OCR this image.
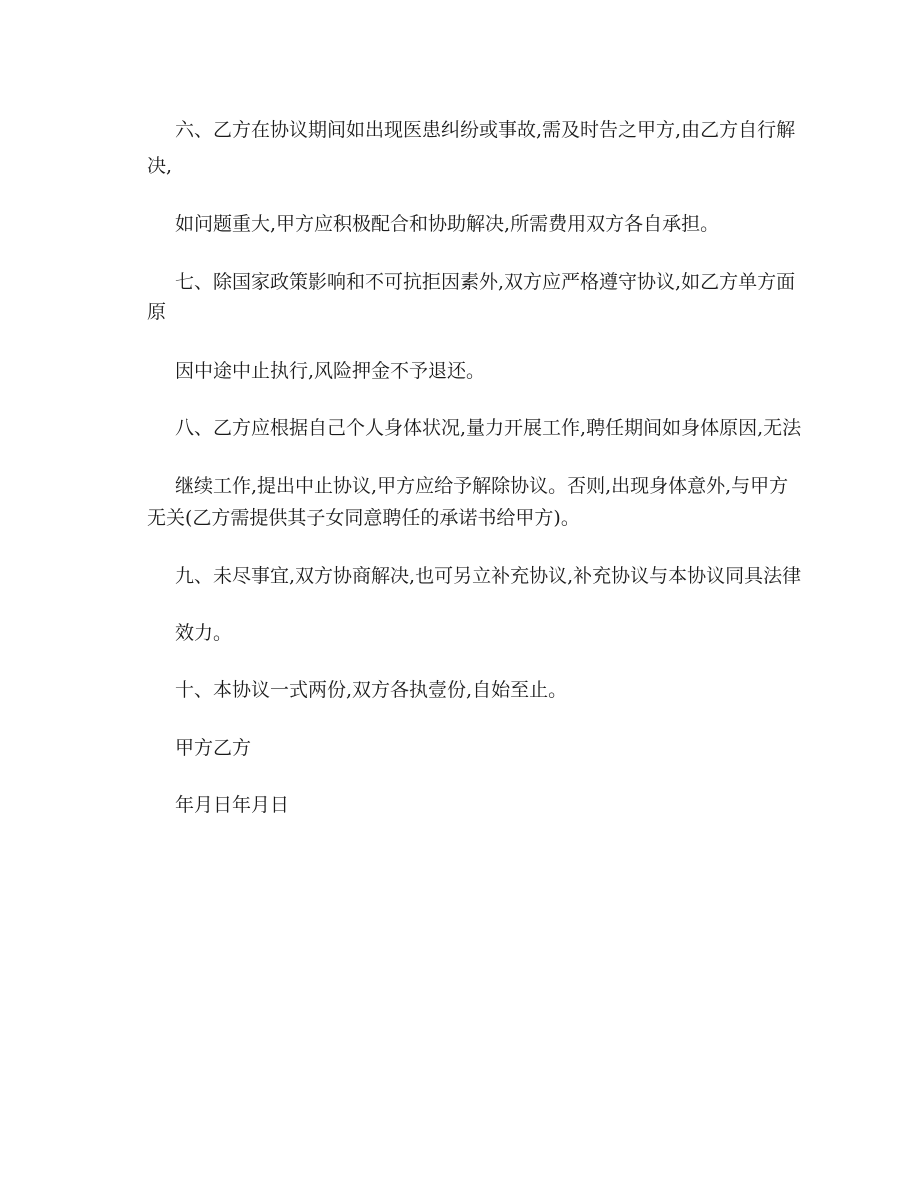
六、乙方在协议期间如出现医患纠纷或事故,需及时告之甲方,由乙方自行解
决,
如问题重大,甲方应积极配合和协助解决,所需费用双方各自承担。
七、除国家政策影响和不可抗拒因素外,双方应严格遵守协议,如乙方单方面
原
因中途中止执行,风险押金不予退还。
八、乙方应根据自己个人身体状况,量力开展工作,聘任期间如身体原因,无法
继续工作,提出中止协议,甲方应给予解除协议。否则,出现身体意外,与甲方
无关(乙方需提供其子女同意聘任的承诺书给甲方)。
九、未尽事宜,双方协商解决,也可另立补充协议,补充协议与本协议同具法律
效力。
十、本协议一式两份,双方各执壹份,自始至止。
甲方乙方
年月日年月日
